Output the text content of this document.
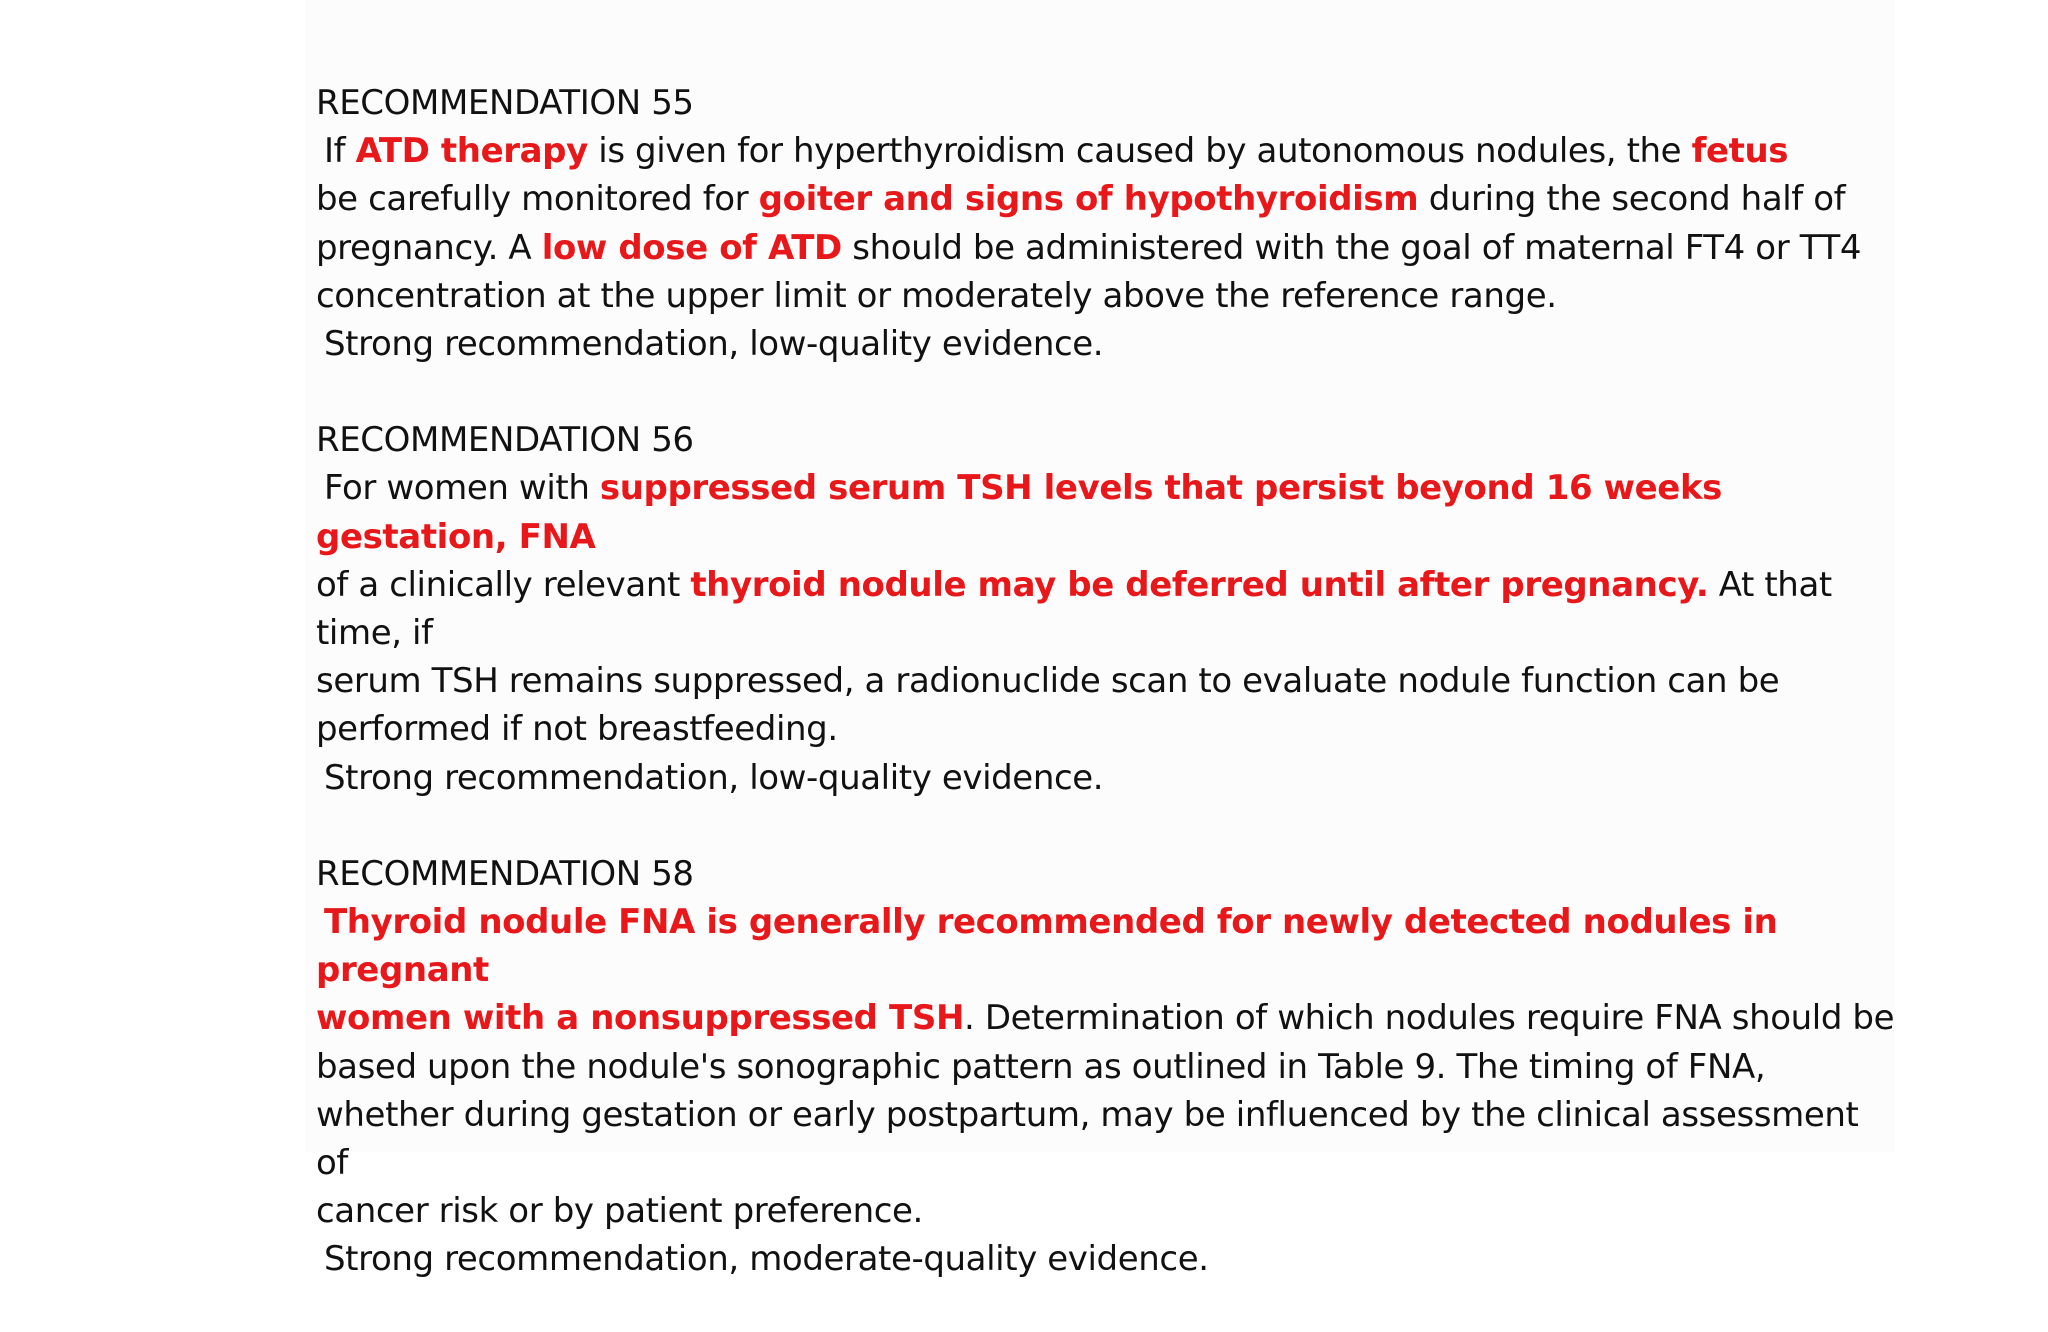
RECOMMENDATION 55
If ATD therapy is given for hyperthyroidism caused by autonomous nodules, the fetus
be carefully monitored for goiter and signs of hypothyroidism during the second half of
pregnancy. A low dose of ATD should be administered with the goal of maternal FT4 or TT4
concentration at the upper limit or moderately above the reference range.
Strong recommendation, low-quality evidence.
RECOMMENDATION 56
For women with suppressed serum TSH levels that persist beyond 16 weeks gestation, FNA
of a clinically relevant thyroid nodule may be deferred until after pregnancy. At that time, if
serum TSH remains suppressed, a radionuclide scan to evaluate nodule function can be
performed if not breastfeeding.
Strong recommendation, low-quality evidence.
RECOMMENDATION 58
Thyroid nodule FNA is generally recommended for newly detected nodules in pregnant
women with a nonsuppressed TSH. Determination of which nodules require FNA should be
based upon the nodule's sonographic pattern as outlined in Table 9. The timing of FNA,
whether during gestation or early postpartum, may be influenced by the clinical assessment of
cancer risk or by patient preference.
Strong recommendation, moderate-quality evidence.
